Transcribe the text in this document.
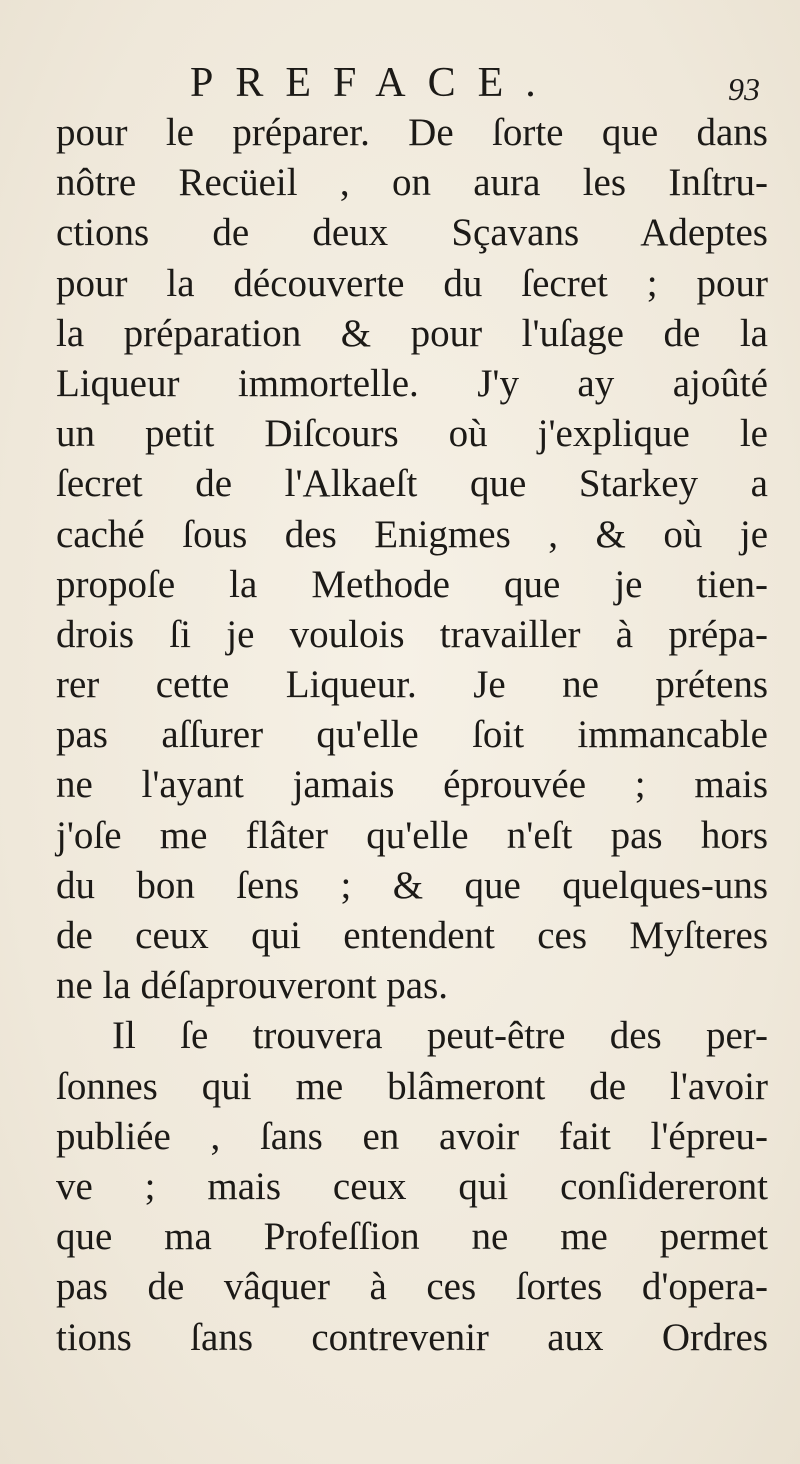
PREFACE.	93
pour le préparer. De ſorte que dans
nôtre Recüeil , on aura les Inſtru-
ctions de deux Sçavans Adeptes
pour la découverte du ſecret ; pour
la préparation & pour l'uſage de la
Liqueur immortelle. J'y ay ajoûté
un petit Diſcours où j'explique le
ſecret de l'Alkaeſt que Starkey a
caché ſous des Enigmes , & où je
propoſe la Methode que je tien-
drois ſi je voulois travailler à prépa-
rer cette Liqueur. Je ne prétens
pas aſſurer qu'elle ſoit immancable
ne l'ayant jamais éprouvée ; mais
j'oſe me flâter qu'elle n'eſt pas hors
du bon ſens ; & que quelques-uns
de ceux qui entendent ces Myſteres
ne la déſaprouveront pas.
Il ſe trouvera peut-être des per-
ſonnes qui me blâmeront de l'avoir
publiée , ſans en avoir fait l'épreu-
ve ; mais ceux qui conſidereront
que ma Profeſſion ne me permet
pas de vâquer à ces ſortes d'opera-
tions ſans contrevenir aux Ordres
